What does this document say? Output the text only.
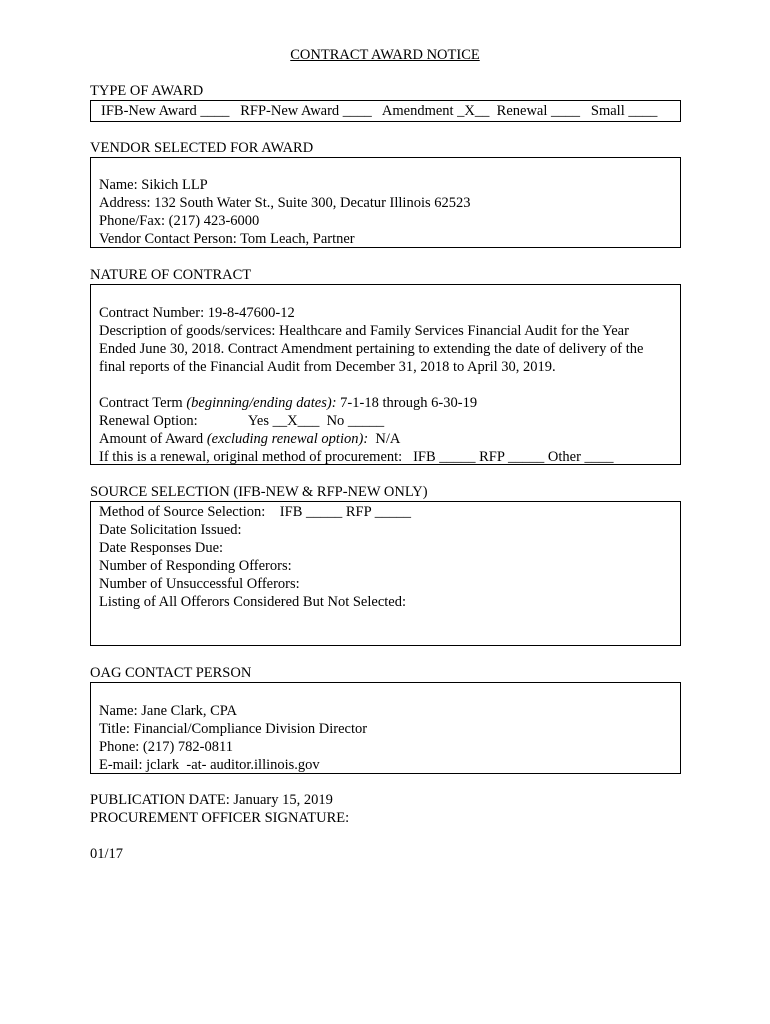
CONTRACT AWARD NOTICE
TYPE OF AWARD
IFB-New Award ____   RFP-New Award ____   Amendment _X__  Renewal ____   Small ____
VENDOR SELECTED FOR AWARD
Name: Sikich LLP
Address: 132 South Water St., Suite 300, Decatur Illinois 62523
Phone/Fax: (217) 423-6000
Vendor Contact Person: Tom Leach, Partner
NATURE OF CONTRACT
Contract Number: 19-8-47600-12
Description of goods/services: Healthcare and Family Services Financial Audit for the Year
Ended June 30, 2018. Contract Amendment pertaining to extending the date of delivery of the
final reports of the Financial Audit from December 31, 2018 to April 30, 2019.
Contract Term (beginning/ending dates): 7-1-18 through 6-30-19
Renewal Option:              Yes __X___  No _____
Amount of Award (excluding renewal option):  N/A
If this is a renewal, original method of procurement:   IFB _____ RFP _____ Other ____
SOURCE SELECTION (IFB-NEW & RFP-NEW ONLY)
Method of Source Selection:    IFB _____ RFP _____
Date Solicitation Issued:
Date Responses Due:
Number of Responding Offerors:
Number of Unsuccessful Offerors:
Listing of All Offerors Considered But Not Selected:
OAG CONTACT PERSON
Name: Jane Clark, CPA
Title: Financial/Compliance Division Director
Phone: (217) 782-0811
E-mail: jclark  -at- auditor.illinois.gov
PUBLICATION DATE: January 15, 2019
PROCUREMENT OFFICER SIGNATURE:
01/17
